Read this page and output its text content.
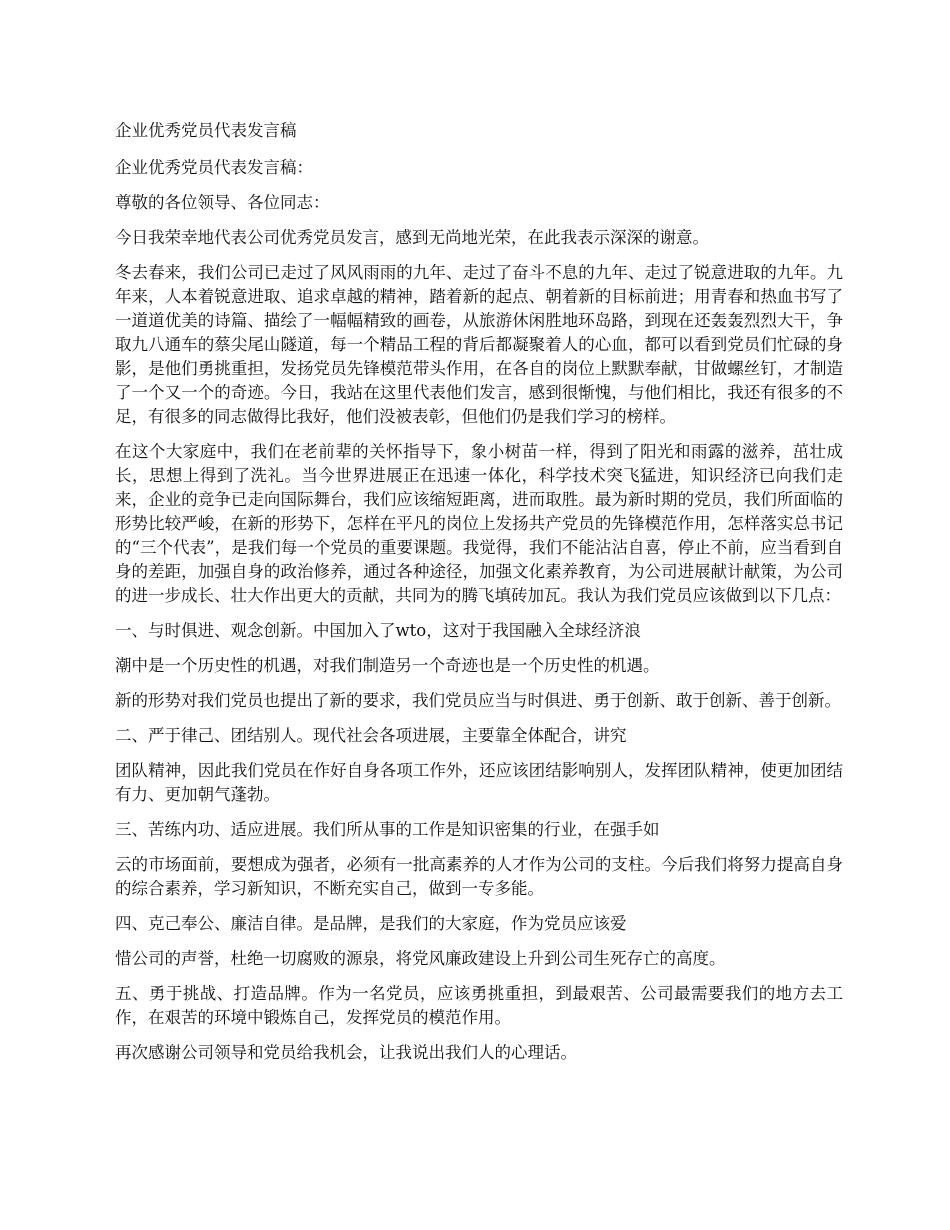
企业优秀党员代表发言稿

企业优秀党员代表发言稿：

尊敬的各位领导、各位同志：

今日我荣幸地代表公司优秀党员发言，感到无尚地光荣，在此我表示深深的谢意。

冬去春来，我们公司已走过了风风雨雨的九年、走过了奋斗不息的九年、走过了锐意进取的九年。九年来，人本着锐意进取、追求卓越的精神，踏着新的起点、朝着新的目标前进；用青春和热血书写了一道道优美的诗篇、描绘了一幅幅精致的画卷，从旅游休闲胜地环岛路，到现在还轰轰烈烈大干，争取九八通车的蔡尖尾山隧道，每一个精品工程的背后都凝聚着人的心血，都可以看到党员们忙碌的身影，是他们勇挑重担，发扬党员先锋模范带头作用，在各自的岗位上默默奉献，甘做螺丝钉，才制造了一个又一个的奇迹。今日，我站在这里代表他们发言，感到很惭愧，与他们相比，我还有很多的不足，有很多的同志做得比我好，他们没被表彰，但他们仍是我们学习的榜样。

在这个大家庭中，我们在老前辈的关怀指导下，象小树苗一样，得到了阳光和雨露的滋养，茁壮成长，思想上得到了洗礼。当今世界进展正在迅速一体化，科学技术突飞猛进，知识经济已向我们走来，企业的竞争已走向国际舞台，我们应该缩短距离，进而取胜。最为新时期的党员，我们所面临的形势比较严峻，在新的形势下，怎样在平凡的岗位上发扬共产党员的先锋模范作用，怎样落实总书记的“三个代表”，是我们每一个党员的重要课题。我觉得，我们不能沾沾自喜，停止不前，应当看到自身的差距，加强自身的政治修养，通过各种途径，加强文化素养教育，为公司进展献计献策，为公司的进一步成长、壮大作出更大的贡献，共同为的腾飞填砖加瓦。我认为我们党员应该做到以下几点：

一、与时俱进、观念创新。中国加入了wto，这对于我国融入全球经济浪

潮中是一个历史性的机遇，对我们制造另一个奇迹也是一个历史性的机遇。

新的形势对我们党员也提出了新的要求，我们党员应当与时俱进、勇于创新、敢于创新、善于创新。

二、严于律己、团结别人。现代社会各项进展，主要靠全体配合，讲究

团队精神，因此我们党员在作好自身各项工作外，还应该团结影响别人，发挥团队精神，使更加团结有力、更加朝气蓬勃。

三、苦练内功、适应进展。我们所从事的工作是知识密集的行业，在强手如

云的市场面前，要想成为强者，必须有一批高素养的人才作为公司的支柱。今后我们将努力提高自身的综合素养，学习新知识，不断充实自己，做到一专多能。

四、克己奉公、廉洁自律。是品牌，是我们的大家庭，作为党员应该爱

惜公司的声誉，杜绝一切腐败的源泉，将党风廉政建设上升到公司生死存亡的高度。

五、勇于挑战、打造品牌。作为一名党员，应该勇挑重担，到最艰苦、公司最需要我们的地方去工作，在艰苦的环境中锻炼自己，发挥党员的模范作用。

再次感谢公司领导和党员给我机会，让我说出我们人的心理话。
